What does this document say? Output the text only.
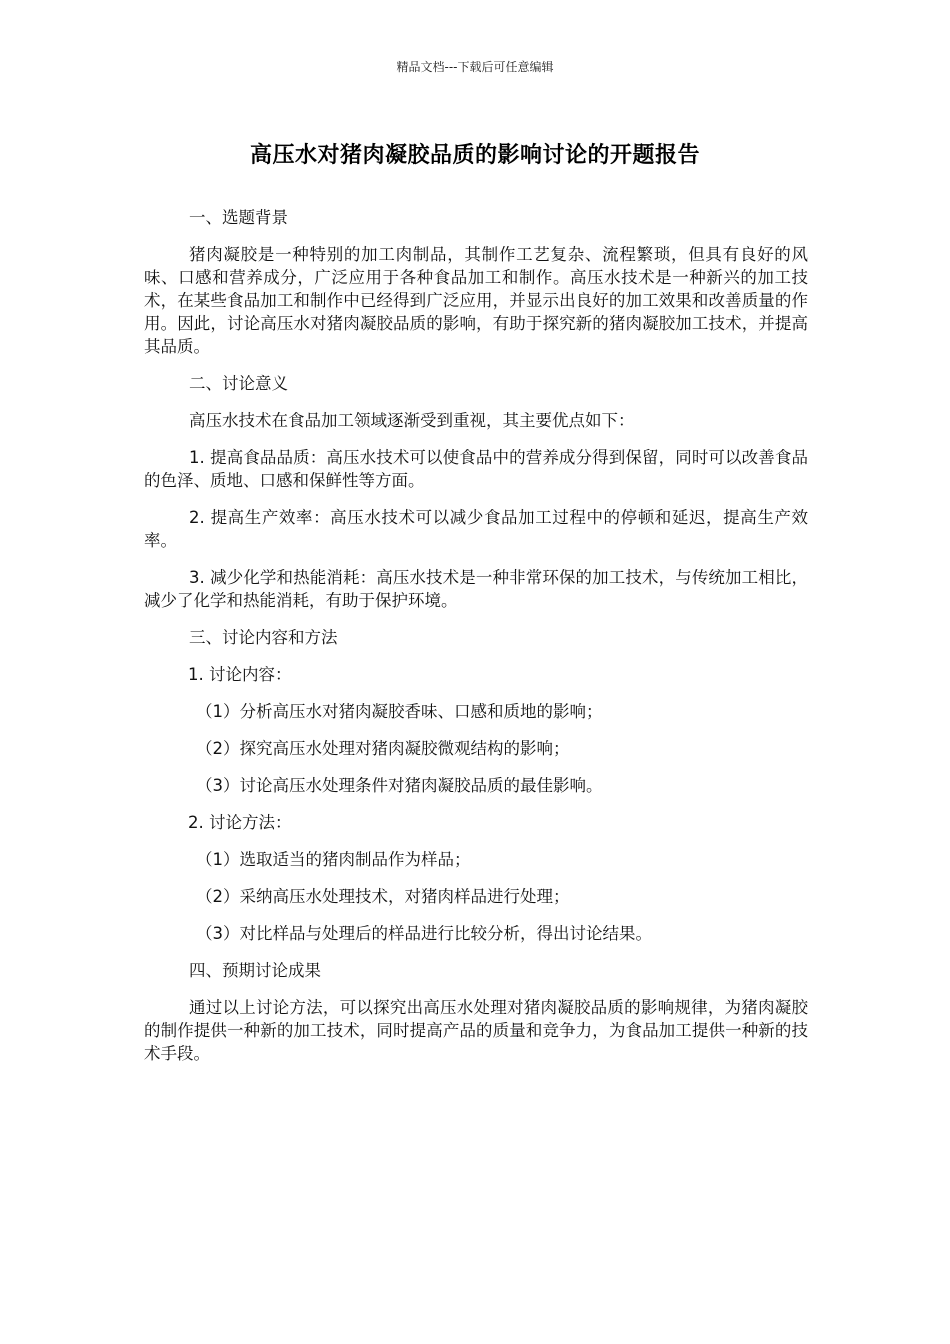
精品文档---下载后可任意编辑
高压水对猪肉凝胶品质的影响讨论的开题报告

一、选题背景

猪肉凝胶是一种特别的加工肉制品，其制作工艺复杂、流程繁琐，但具有良好的风味、口感和营养成分，广泛应用于各种食品加工和制作。高压水技术是一种新兴的加工技术，在某些食品加工和制作中已经得到广泛应用，并显示出良好的加工效果和改善质量的作用。因此，讨论高压水对猪肉凝胶品质的影响，有助于探究新的猪肉凝胶加工技术，并提高其品质。

二、讨论意义

高压水技术在食品加工领域逐渐受到重视，其主要优点如下：

1. 提高食品品质：高压水技术可以使食品中的营养成分得到保留，同时可以改善食品的色泽、质地、口感和保鲜性等方面。

2. 提高生产效率：高压水技术可以减少食品加工过程中的停顿和延迟，提高生产效率。

3. 减少化学和热能消耗：高压水技术是一种非常环保的加工技术，与传统加工相比，减少了化学和热能消耗，有助于保护环境。

三、讨论内容和方法

1. 讨论内容：

（1）分析高压水对猪肉凝胶香味、口感和质地的影响；

（2）探究高压水处理对猪肉凝胶微观结构的影响；

（3）讨论高压水处理条件对猪肉凝胶品质的最佳影响。

2. 讨论方法：

（1）选取适当的猪肉制品作为样品；

（2）采纳高压水处理技术，对猪肉样品进行处理；

（3）对比样品与处理后的样品进行比较分析，得出讨论结果。

四、预期讨论成果

通过以上讨论方法，可以探究出高压水处理对猪肉凝胶品质的影响规律，为猪肉凝胶的制作提供一种新的加工技术，同时提高产品的质量和竞争力，为食品加工提供一种新的技术手段。
